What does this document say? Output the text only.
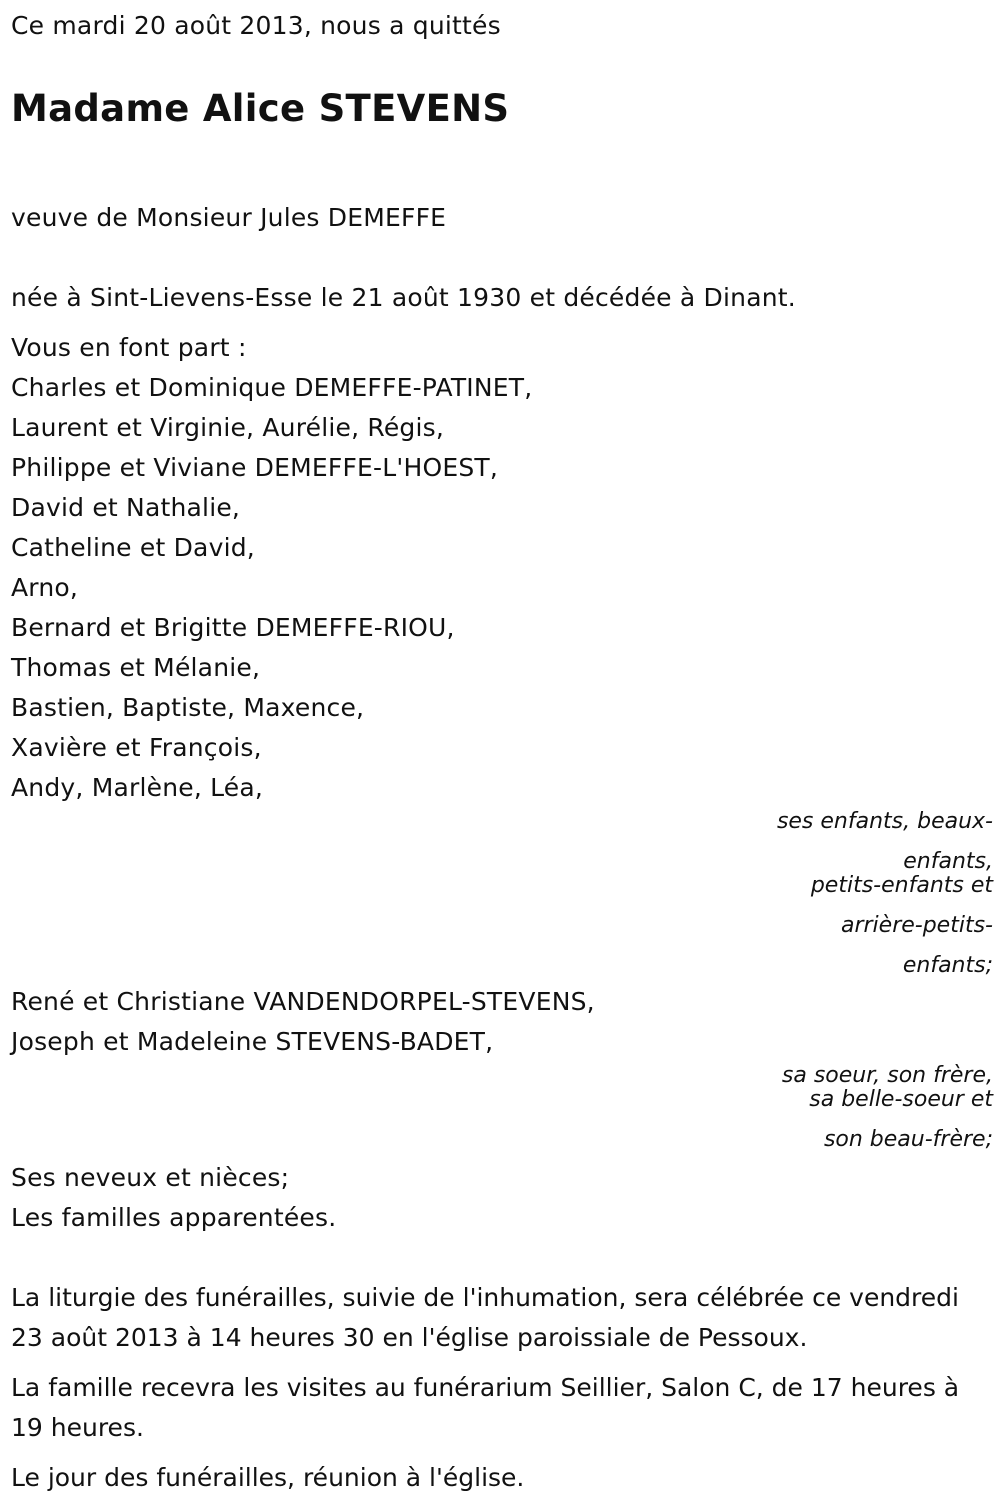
Ce mardi 20 août 2013, nous a quittés
Madame Alice STEVENS
veuve de Monsieur Jules DEMEFFE
née à Sint-Lievens-Esse le 21 août 1930 et décédée à Dinant.
Vous en font part :
Charles et Dominique DEMEFFE-PATINET,
Laurent et Virginie, Aurélie, Régis,
Philippe et Viviane DEMEFFE-L'HOEST,
David et Nathalie,
Catheline et David,
Arno,
Bernard et Brigitte DEMEFFE-RIOU,
Thomas et Mélanie,
Bastien, Baptiste, Maxence,
Xavière et François,
Andy, Marlène, Léa,
ses enfants, beaux-
enfants,
petits-enfants et
arrière-petits-
enfants;
René et Christiane VANDENDORPEL-STEVENS,
Joseph et Madeleine STEVENS-BADET,
sa soeur, son frère,
sa belle-soeur et
son beau-frère;
Ses neveux et nièces;
Les familles apparentées.
La liturgie des funérailles, suivie de l'inhumation, sera célébrée ce vendredi 23 août 2013 à 14 heures 30 en l'église paroissiale de Pessoux.
La famille recevra les visites au funérarium Seillier, Salon C, de 17 heures à 19 heures.
Le jour des funérailles, réunion à l'église.
